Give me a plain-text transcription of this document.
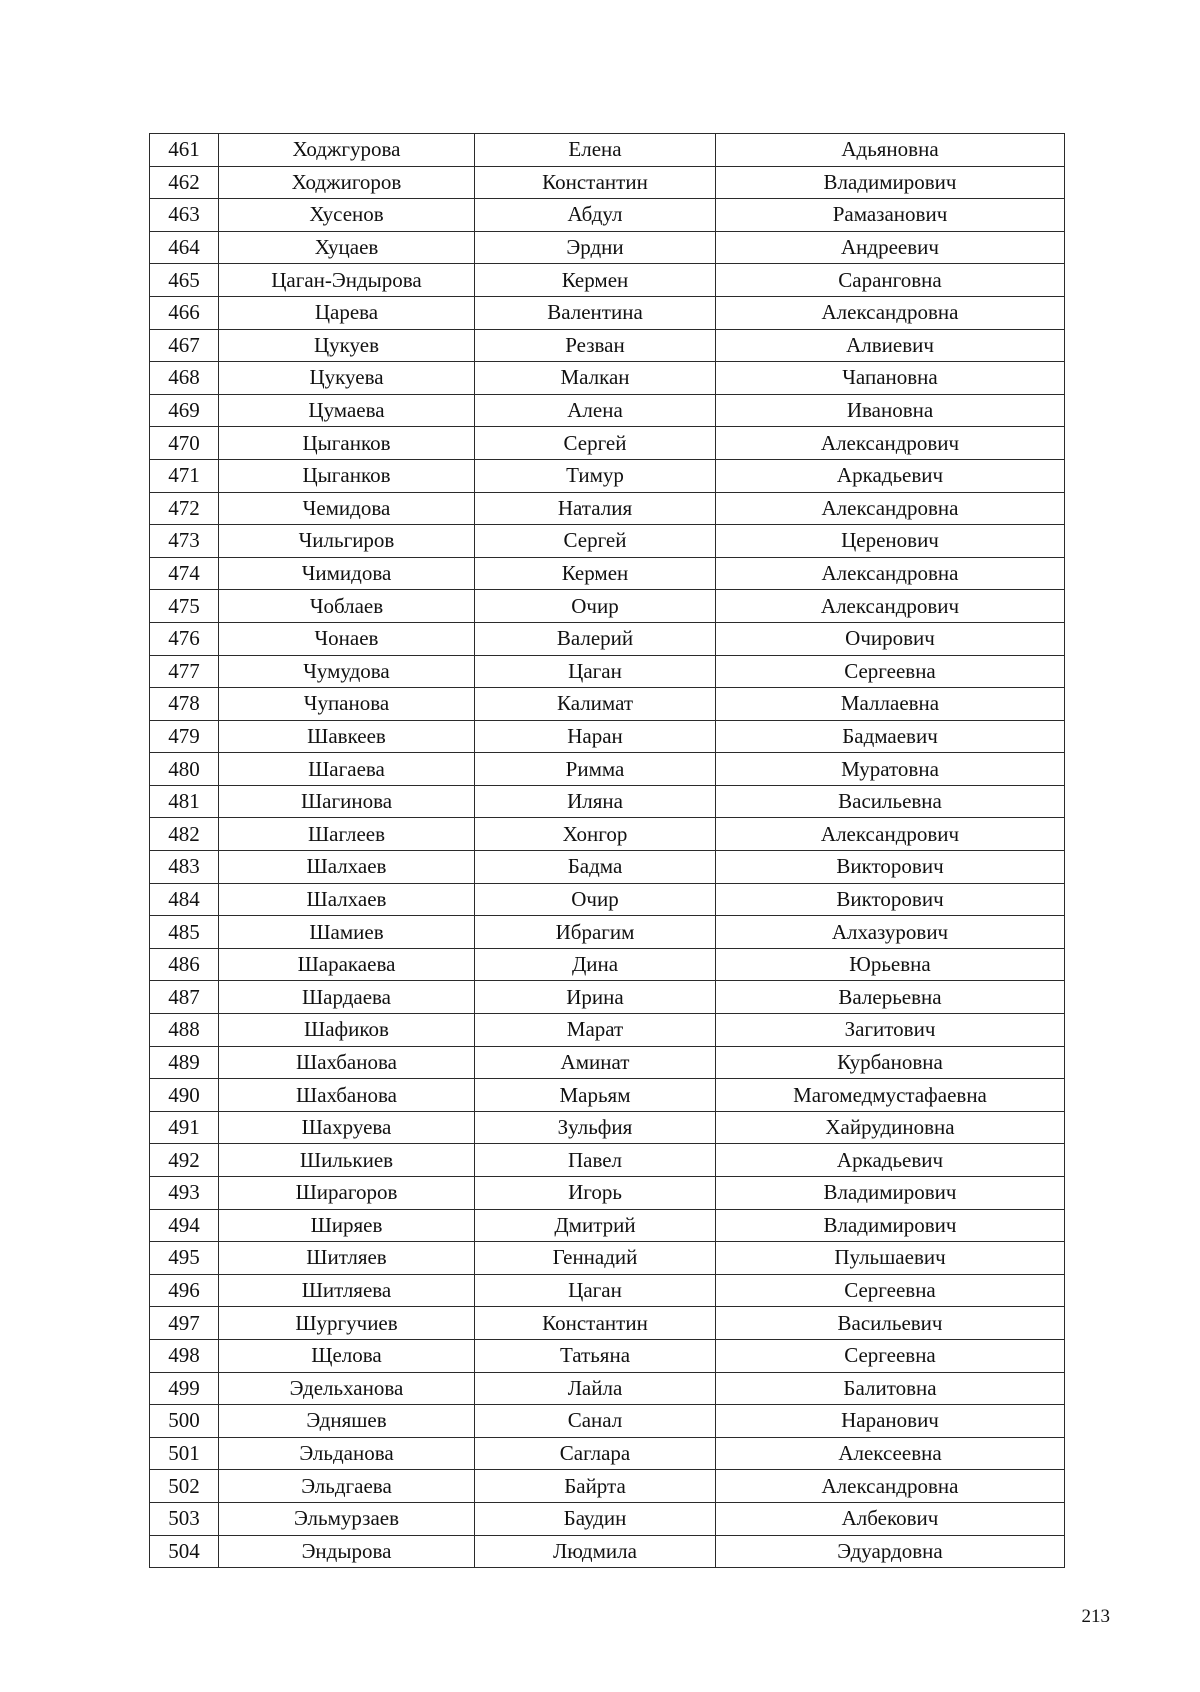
461	Ходжгурова	Елена	Адьяновна
462	Ходжигоров	Константин	Владимирович
463	Хусенов	Абдул	Рамазанович
464	Хуцаев	Эрдни	Андреевич
465	Цаган-Эндырова	Кермен	Саранговна
466	Царева	Валентина	Александровна
467	Цукуев	Резван	Алвиевич
468	Цукуева	Малкан	Чапановна
469	Цумаева	Алена	Ивановна
470	Цыганков	Сергей	Александрович
471	Цыганков	Тимур	Аркадьевич
472	Чемидова	Наталия	Александровна
473	Чильгиров	Сергей	Церенович
474	Чимидова	Кермен	Александровна
475	Чоблаев	Очир	Александрович
476	Чонаев	Валерий	Очирович
477	Чумудова	Цаган	Сергеевна
478	Чупанова	Калимат	Маллаевна
479	Шавкеев	Наран	Бадмаевич
480	Шагаева	Римма	Муратовна
481	Шагинова	Иляна	Васильевна
482	Шаглеев	Хонгор	Александрович
483	Шалхаев	Бадма	Викторович
484	Шалхаев	Очир	Викторович
485	Шамиев	Ибрагим	Алхазурович
486	Шаракаева	Дина	Юрьевна
487	Шардаева	Ирина	Валерьевна
488	Шафиков	Марат	Загитович
489	Шахбанова	Аминат	Курбановна
490	Шахбанова	Марьям	Магомедмустафаевна
491	Шахруева	Зульфия	Хайрудиновна
492	Шилькиев	Павел	Аркадьевич
493	Ширагоров	Игорь	Владимирович
494	Ширяев	Дмитрий	Владимирович
495	Шитляев	Геннадий	Пульшаевич
496	Шитляева	Цаган	Сергеевна
497	Шургучиев	Константин	Васильевич
498	Щелова	Татьяна	Сергеевна
499	Эдельханова	Лайла	Балитовна
500	Эдняшев	Санал	Наранович
501	Эльданова	Саглара	Алексеевна
502	Эльдгаева	Байрта	Александровна
503	Эльмурзаев	Баудин	Албекович
504	Эндырова	Людмила	Эдуардовна
213
